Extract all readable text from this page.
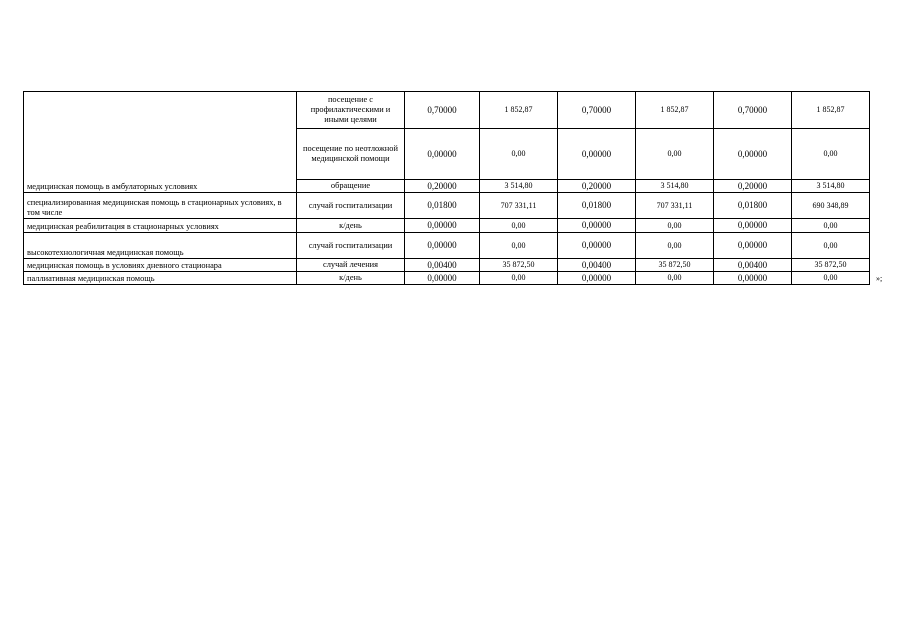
медицинская помощь в амбулаторных условиях	посещение с профилактическими и иными целями	0,70000	1 852,87	0,70000	1 852,87	0,70000	1 852,87
	посещение по неотложной медицинской помощи	0,00000	0,00	0,00000	0,00	0,00000	0,00
	обращение	0,20000	3 514,80	0,20000	3 514,80	0,20000	3 514,80
специализированная медицинская помощь в стационарных условиях, в том числе	случай госпитализации	0,01800	707 331,11	0,01800	707 331,11	0,01800	690 348,89
медицинская реабилитация в стационарных условиях	к/день	0,00000	0,00	0,00000	0,00	0,00000	0,00
высокотехнологичная медицинская помощь	случай госпитализации	0,00000	0,00	0,00000	0,00	0,00000	0,00
медицинская помощь в условиях дневного стационара	случай лечения	0,00400	35 872,50	0,00400	35 872,50	0,00400	35 872,50
паллиативная медицинская помощь	к/день	0,00000	0,00	0,00000	0,00	0,00000	0,00	»;
